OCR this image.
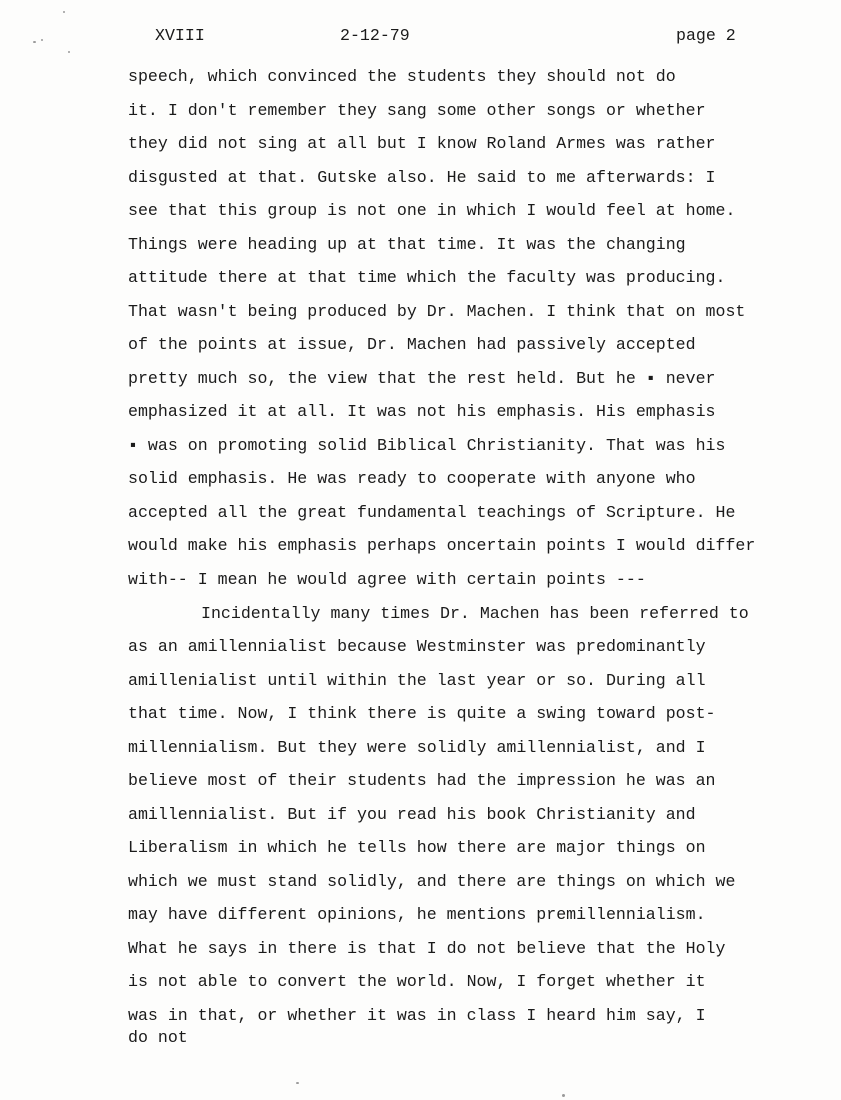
XVIII	2-12-79	page 2
speech, which convinced the students they should not do
it. I don't remember they sang some other songs or whether
they did not sing at all but I know Roland Armes was rather
disgusted at that. Gutske also. He said to me afterwards: I
see that this group is not one in which I would feel at home.
Things were heading up at that time. It was the changing
attitude there at that time which the faculty was producing.
That wasn't being produced by Dr. Machen. I think that on most
of the points at issue, Dr. Machen had passively accepted
pretty much so, the view that the rest held. But he ▪ never
emphasized it at all. It was not his emphasis. His emphasis
▪ was on promoting solid Biblical Christianity. That was his
solid emphasis. He was ready to cooperate with anyone who
accepted all the great fundamental teachings of Scripture. He
would make his emphasis perhaps oncertain points I would differ
with-- I mean he would agree with certain points ---
Incidentally many times Dr. Machen has been referred to
as an amillennialist because Westminster was predominantly
amillenialist until within the last year or so. During all
that time. Now, I think there is quite a swing toward post-
millennialism. But they were solidly amillennialist, and I
believe most of their students had the impression he was an
amillennialist. But if you read his book Christianity and
Liberalism in which he tells how there are major things on
which we must stand solidly, and there are things on which we
may have different opinions, he mentions premillennialism.
What he says in there is that I do not believe that the Holy
is not able to convert the world. Now, I forget whether it
was in that, or whether it was in class I heard him say, I
do not
